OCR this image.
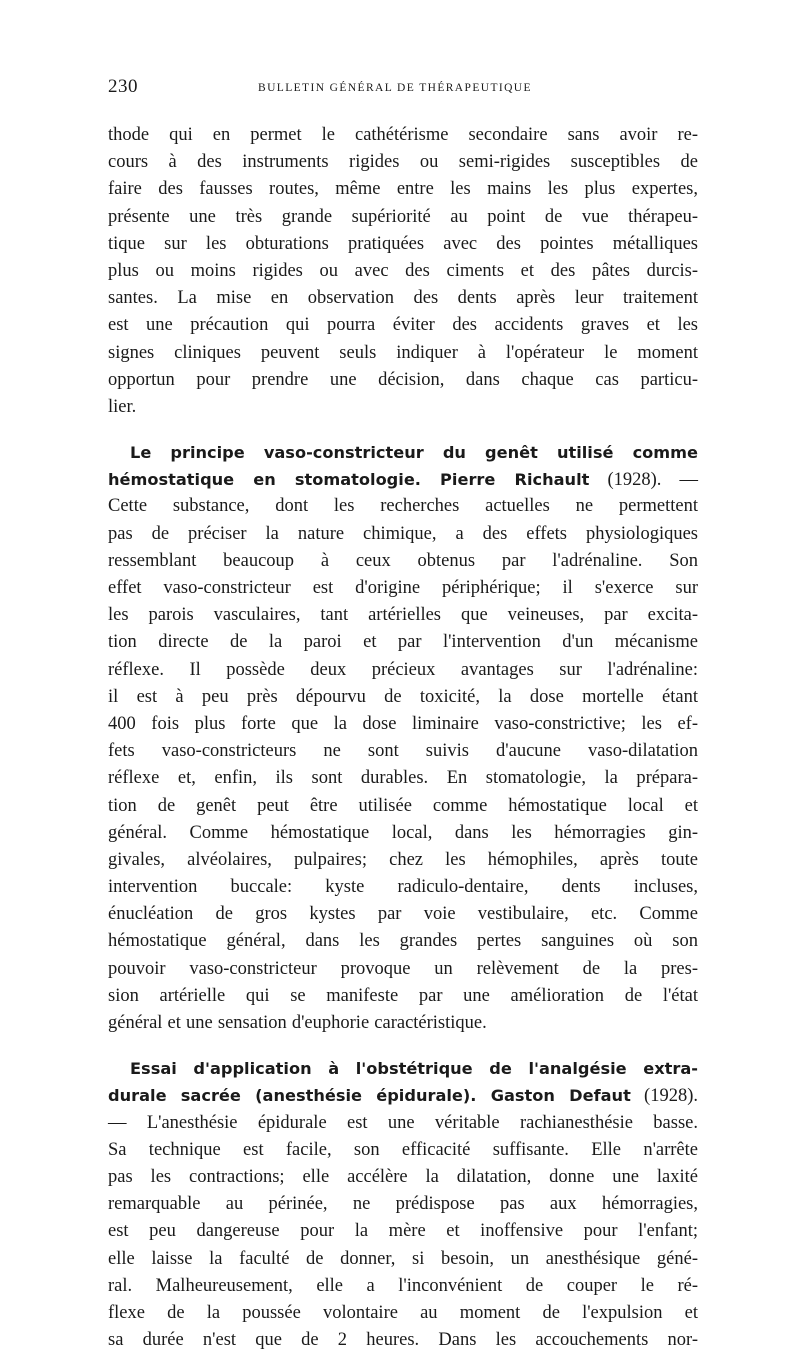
230	BULLETIN GÉNÉRAL DE THÉRAPEUTIQUE
thode qui en permet le cathétérisme secondaire sans avoir re-
cours à des instruments rigides ou semi-rigides susceptibles de
faire des fausses routes, même entre les mains les plus expertes,
présente une très grande supériorité au point de vue thérapeu-
tique sur les obturations pratiquées avec des pointes métalliques
plus ou moins rigides ou avec des ciments et des pâtes durcis-
santes. La mise en observation des dents après leur traitement
est une précaution qui pourra éviter des accidents graves et les
signes cliniques peuvent seuls indiquer à l'opérateur le moment
opportun pour prendre une décision, dans chaque cas particu-
lier.
Le principe vaso-constricteur du genêt utilisé comme
hémostatique en stomatologie. Pierre Richault (1928). —
Cette substance, dont les recherches actuelles ne permettent
pas de préciser la nature chimique, a des effets physiologiques
ressemblant beaucoup à ceux obtenus par l'adrénaline. Son
effet vaso-constricteur est d'origine périphérique; il s'exerce sur
les parois vasculaires, tant artérielles que veineuses, par excita-
tion directe de la paroi et par l'intervention d'un mécanisme
réflexe. Il possède deux précieux avantages sur l'adrénaline:
il est à peu près dépourvu de toxicité, la dose mortelle étant
400 fois plus forte que la dose liminaire vaso-constrictive; les ef-
fets vaso-constricteurs ne sont suivis d'aucune vaso-dilatation
réflexe et, enfin, ils sont durables. En stomatologie, la prépara-
tion de genêt peut être utilisée comme hémostatique local et
général. Comme hémostatique local, dans les hémorragies gin-
givales, alvéolaires, pulpaires; chez les hémophiles, après toute
intervention buccale: kyste radiculo-dentaire, dents incluses,
énucléation de gros kystes par voie vestibulaire, etc. Comme
hémostatique général, dans les grandes pertes sanguines où son
pouvoir vaso-constricteur provoque un relèvement de la pres-
sion artérielle qui se manifeste par une amélioration de l'état
général et une sensation d'euphorie caractéristique.
Essai d'application à l'obstétrique de l'analgésie extra-
durale sacrée (anesthésie épidurale). Gaston Defaut (1928).
— L'anesthésie épidurale est une véritable rachianesthésie basse.
Sa technique est facile, son efficacité suffisante. Elle n'arrête
pas les contractions; elle accélère la dilatation, donne une laxité
remarquable au périnée, ne prédispose pas aux hémorragies,
est peu dangereuse pour la mère et inoffensive pour l'enfant;
elle laisse la faculté de donner, si besoin, un anesthésique géné-
ral. Malheureusement, elle a l'inconvénient de couper le ré-
flexe de la poussée volontaire au moment de l'expulsion et
sa durée n'est que de 2 heures. Dans les accouchements nor-
